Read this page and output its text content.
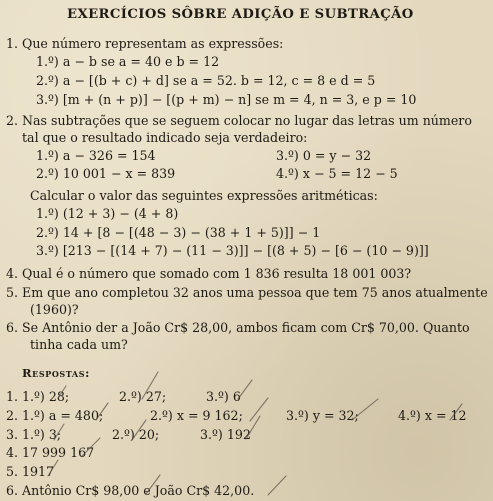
EXERCÍCIOS SÔBRE ADIÇÃO E SUBTRAÇÃO
1. Que número representam as expressões:
1.º) a − b se a = 40 e b = 12
2.º) a − [(b + c) + d] se a = 52. b = 12, c = 8 e d = 5
3.º) [m + (n + p)] − [(p + m) − n] se m = 4, n = 3, e p = 10
2. Nas subtrações que se seguem colocar no lugar das letras um número
tal que o resultado indicado seja verdadeiro:
1.º) a − 326 = 154	3.º) 0 = y − 32
2.º) 10 001 − x = 839	4.º) x − 5 = 12 − 5
Calcular o valor das seguintes expressões aritméticas:
1.º) (12 + 3) − (4 + 8)
2.º) 14 + [8 − [(48 − 3) − (38 + 1 + 5)]] − 1
3.º) [213 − [(14 + 7) − (11 − 3)]] − [(8 + 5) − [6 − (10 − 9)]]
4. Qual é o número que somado com 1 836 resulta 18 001 003?
5. Em que ano completou 32 anos uma pessoa que tem 75 anos atualmente
(1960)?
6. Se Antônio der a João Cr$ 28,00, ambos ficam com Cr$ 70,00. Quanto
tinha cada um?
Respostas:
1. 1.º) 28;	2.º) 27;	3.º) 6
2. 1.º) a = 480;	2.º) x = 9 162;	3.º) y = 32;	4.º) x = 12
3. 1.º) 3;	2.º) 20;	3.º) 192
4. 17 999 167
5. 1917
6. Antônio Cr$ 98,00 e João Cr$ 42,00.
